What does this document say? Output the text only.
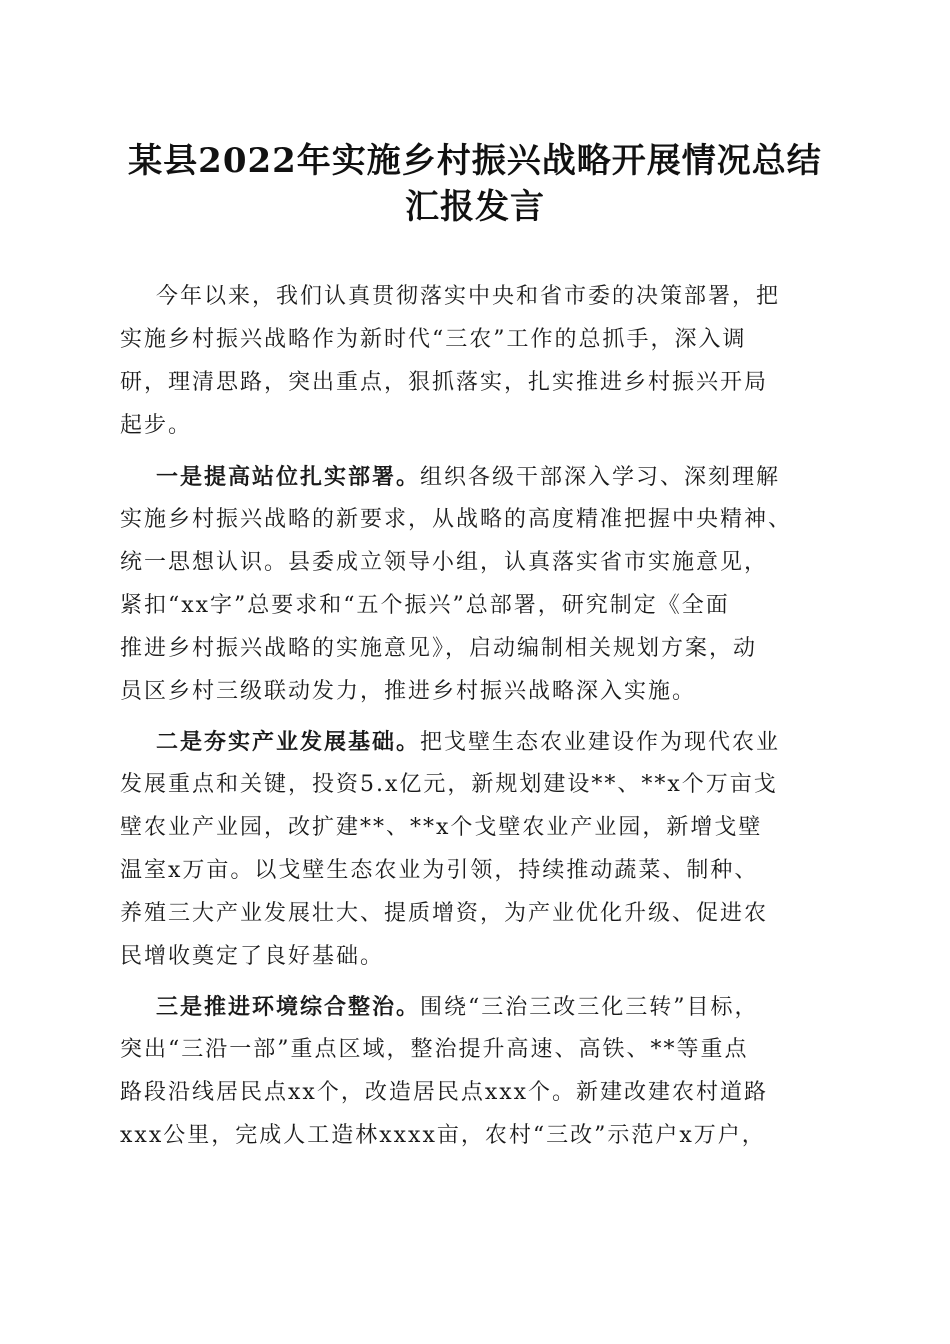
某县2022年实施乡村振兴战略开展情况总结
汇报发言
今年以来，我们认真贯彻落实中央和省市委的决策部署，把
实施乡村振兴战略作为新时代“三农”工作的总抓手，深入调
研，理清思路，突出重点，狠抓落实，扎实推进乡村振兴开局
起步。
一是提高站位扎实部署。组织各级干部深入学习、深刻理解
实施乡村振兴战略的新要求，从战略的高度精准把握中央精神、
统一思想认识。县委成立领导小组，认真落实省市实施意见，
紧扣“xx字”总要求和“五个振兴”总部署，研究制定《全面
推进乡村振兴战略的实施意见》，启动编制相关规划方案，动
员区乡村三级联动发力，推进乡村振兴战略深入实施。
二是夯实产业发展基础。把戈壁生态农业建设作为现代农业
发展重点和关键，投资5.x亿元，新规划建设**、**x个万亩戈
壁农业产业园，改扩建**、**x个戈壁农业产业园，新增戈壁
温室x万亩。以戈壁生态农业为引领，持续推动蔬菜、制种、
养殖三大产业发展壮大、提质增资，为产业优化升级、促进农
民增收奠定了良好基础。
三是推进环境综合整治。围绕“三治三改三化三转”目标，
突出“三沿一部”重点区域，整治提升高速、高铁、**等重点
路段沿线居民点xx个，改造居民点xxx个。新建改建农村道路
xxx公里，完成人工造林xxxx亩，农村“三改”示范户x万户，
